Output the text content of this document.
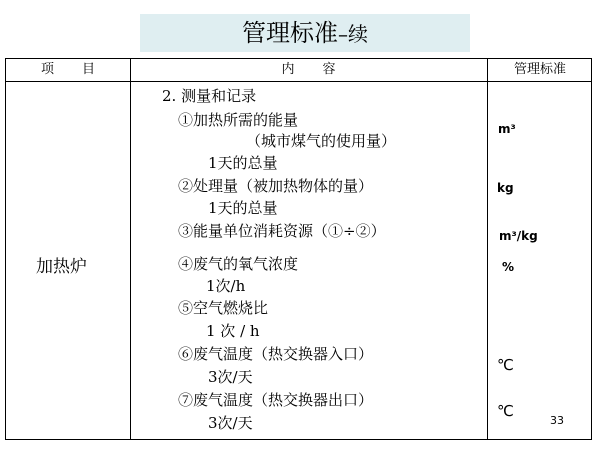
管理标准–续
项目	内容	管理标准
加热炉
2. 测量和记录
①加热所需的能量
（城市煤气的使用量）
1天的总量
②处理量（被加热物体的量）
1天的总量
③能量单位消耗资源（①÷②）
④废气的氧气浓度
1次/h
⑤空气燃烧比
1 次 / h
⑥废气温度（热交换器入口）
3次/天
⑦废气温度（热交换器出口）
3次/天
m³
kg
m³/kg
%
℃
℃
33
